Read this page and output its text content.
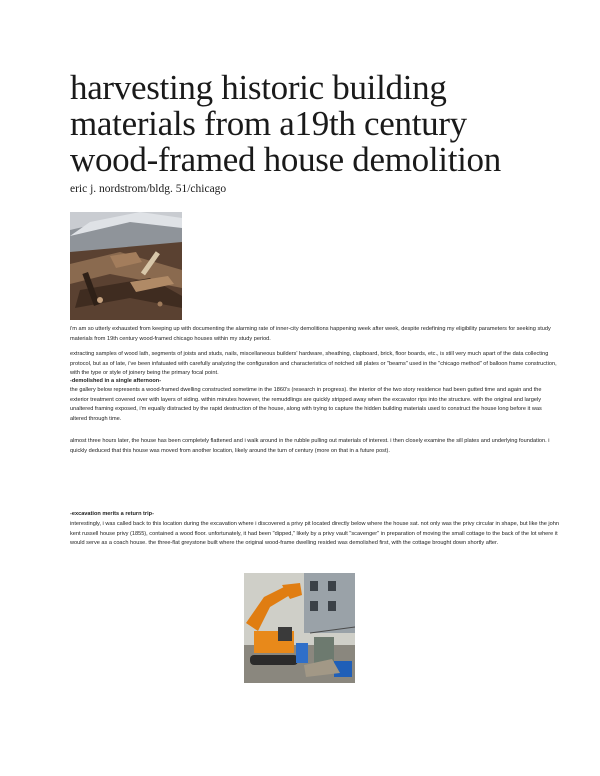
harvesting historic building
materials from a19th century
wood-framed house demolition
eric j. nordstrom/bldg. 51/chicago

i'm am so utterly exhausted from keeping up with documenting the alarming rate of inner-city demolitions happening week after week, despite redefining my eligibility parameters for seeking study materials from 19th century wood-framed chicago houses within my study period.

extracting samples of wood lath, segments of joists and studs, nails, miscellaneous builders' hardware, sheathing, clapboard, brick, floor boards, etc., is still very much apart of the data collecting protocol, but as of late, i've been infatuated with carefully analyzing the configuration and characteristics of notched sill plates or "beams" used in the "chicago method" of balloon frame construction, with the type or style of joinery being the primary focal point.

-demolished in a single afternoon-

the gallery below represents a wood-framed dwelling constructed sometime in the 1860's (research in progress). the interior of the two story residence had been gutted time and again and the exterior treatment covered over with layers of siding. within minutes however, the remuddlings are quickly stripped away when the excavator rips into the structure. with the original and largely unaltered framing exposed, i'm equally distracted by the rapid destruction of the house, along with trying to capture the hidden building materials used to construct the house long before it was altered through time.

almost three hours later, the house has been completely flattened and i walk around in the rubble pulling out materials of interest. i then closely examine the sill plates and underlying foundation. i quickly deduced that this house was moved from another location, likely around the turn of century (more on that in a future post).

-excavation merits a return trip-

interestingly, i was called back to this location during the excavation where i discovered a privy pit located directly below where the house sat. not only was the privy circular in shape, but like the john kent russell house privy (1855), contained a wood floor. unfortunately, it had been "dipped," likely by a privy vault "scavenger" in preparation of moving the small cottage to the back of the lot where it would serve as a coach house. the three-flat greystone built where the original wood-frame dwelling resided was demolished first, with the cottage brought down shortly after.
